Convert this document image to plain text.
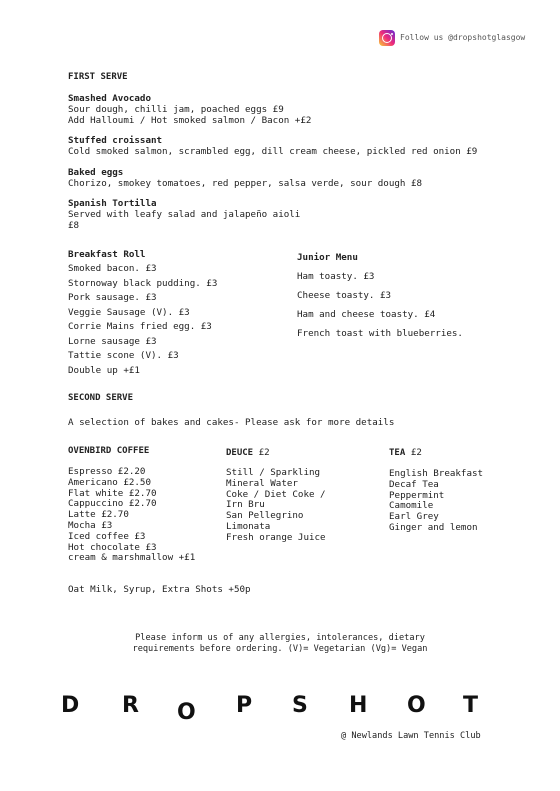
Follow us @dropshotglasgow
FIRST SERVE
Smashed Avocado
Sour dough, chilli jam, poached eggs £9
Add Halloumi / Hot smoked salmon / Bacon +£2
Stuffed croissant
Cold smoked salmon, scrambled egg, dill cream cheese, pickled red onion £9
Baked eggs
Chorizo, smokey tomatoes, red pepper, salsa verde, sour dough £8
Spanish Tortilla
Served with leafy salad and jalapeño aioli
£8
Breakfast Roll
Smoked bacon. £3
Stornoway black pudding. £3
Pork sausage. £3
Veggie Sausage (V). £3
Corrie Mains fried egg. £3
Lorne sausage £3
Tattie scone (V). £3
Double up +£1
Junior Menu
Ham toasty. £3
Cheese toasty. £3
Ham and cheese toasty. £4
French toast with blueberries.
SECOND SERVE
A selection of bakes and cakes- Please ask for more details
OVENBIRD COFFEE
Espresso £2.20
Americano £2.50
Flat white £2.70
Cappuccino £2.70
Latte £2.70
Mocha £3
Iced coffee £3
Hot chocolate £3
cream & marshmallow +£1
DEUCE £2
Still / Sparkling
Mineral Water
Coke / Diet Coke /
Irn Bru
San Pellegrino
Limonata
Fresh orange Juice
TEA £2
English Breakfast
Decaf Tea
Peppermint
Camomile
Earl Grey
Ginger and lemon
Oat Milk, Syrup, Extra Shots +50p
Please inform us of any allergies, intolerances, dietary
requirements before ordering. (V)= Vegetarian (Vg)= Vegan
D R O P S H O T
@ Newlands Lawn Tennis Club
